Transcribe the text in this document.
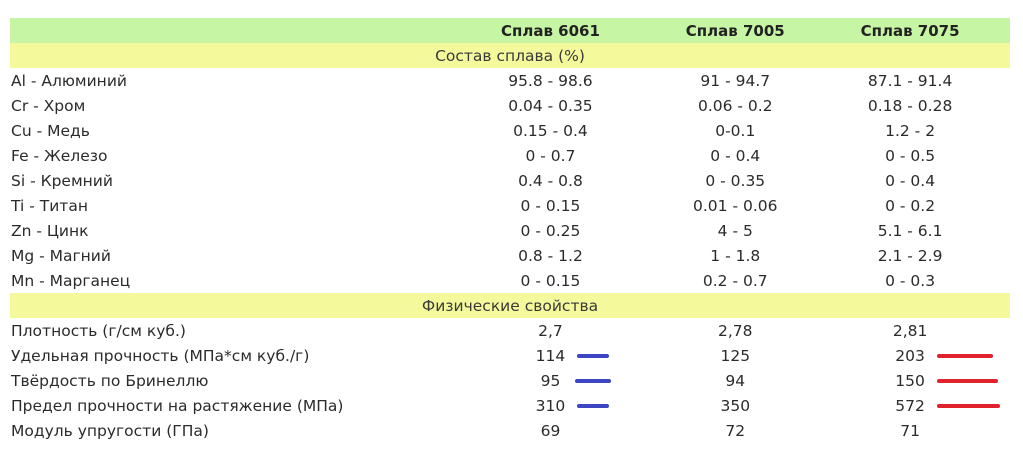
Сплав 6061	Сплав 7005	Сплав 7075
Состав сплава (%)
Al - Алюминий	95.8 - 98.6	91 - 94.7	87.1 - 91.4
Cr - Хром	0.04 - 0.35	0.06 - 0.2	0.18 - 0.28
Cu - Медь	0.15 - 0.4	0-0.1	1.2 - 2
Fe - Железо	0 - 0.7	0 - 0.4	0 - 0.5
Si - Кремний	0.4 - 0.8	0 - 0.35	0 - 0.4
Ti - Титан	0 - 0.15	0.01 - 0.06	0 - 0.2
Zn - Цинк	0 - 0.25	4 - 5	5.1 - 6.1
Mg - Магний	0.8 - 1.2	1 - 1.8	2.1 - 2.9
Mn - Марганец	0 - 0.15	0.2 - 0.7	0 - 0.3
Физические свойства
Плотность (г/см куб.)	2,7	2,78	2,81
Удельная прочность (МПа*см куб./г)	114	125	203
Твёрдость по Бринеллю	95	94	150
Предел прочности на растяжение (МПа)	310	350	572
Модуль упругости (ГПа)	69	72	71
